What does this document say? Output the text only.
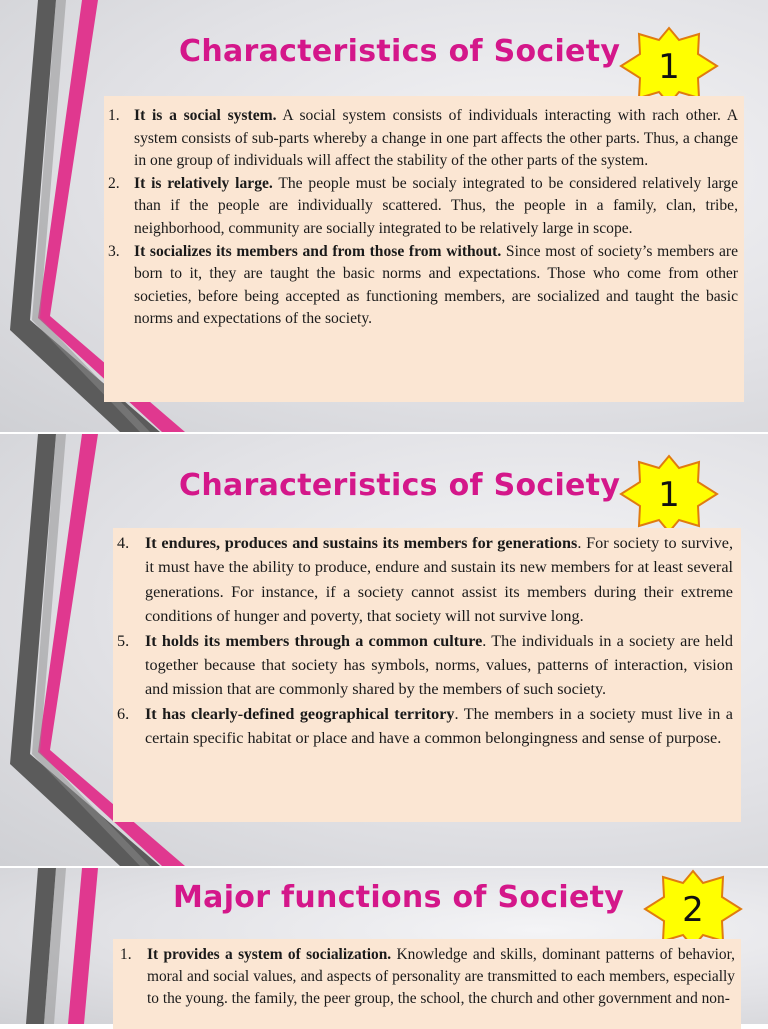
Characteristics of Society 1
1. It is a social system. A social system consists of individuals interacting with rach other. A system consists of sub-parts whereby a change in one part affects the other parts. Thus, a change in one group of individuals will affect the stability of the other parts of the system.
2. It is relatively large. The people must be socialy integrated to be considered relatively large than if the people are individually scattered. Thus, the people in a family, clan, tribe, neighborhood, community are socially integrated to be relatively large in scope.
3. It socializes its members and from those from without. Since most of society’s members are born to it, they are taught the basic norms and expectations. Those who come from other societies, before being accepted as functioning members, are socialized and taught the basic norms and expectations of the society.
Characteristics of Society 1
4. It endures, produces and sustains its members for generations. For society to survive, it must have the ability to produce, endure and sustain its new members for at least several generations. For instance, if a society cannot assist its members during their extreme conditions of hunger and poverty, that society will not survive long.
5. It holds its members through a common culture. The individuals in a society are held together because that society has symbols, norms, values, patterns of interaction, vision and mission that are commonly shared by the members of such society.
6. It has clearly-defined geographical territory. The members in a society must live in a certain specific habitat or place and have a common belongingness and sense of purpose.
Major functions of Society 2
1. It provides a system of socialization. Knowledge and skills, dominant patterns of behavior, moral and social values, and aspects of personality are transmitted to each members, especially to the young. the family, the peer group, the school, the church and other government and non-
